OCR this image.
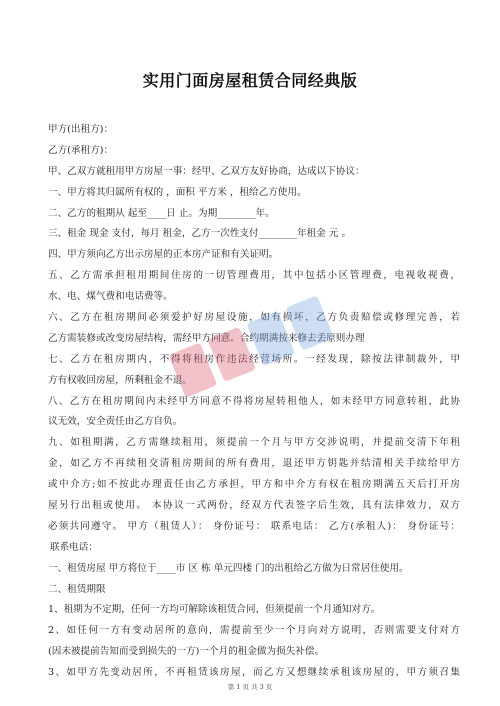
实用门面房屋租赁合同经典版
甲方(出租方)：
乙方(承租方)：
甲、乙双方就租用甲方房屋一事：经甲、乙双方友好协商，达成以下协议：
一、甲方将其归属所有权的 ，面积 平方米 ，租给乙方使用。
二、乙方的租期从 起至____日 止。为期________年。
三、租金 现金 支付，每月 租金，乙方一次性支付________年租金 元 。
四、甲方须向乙方出示房屋的正本房产证和有关证明。
五、乙方需承担租用期间住房的一切管理费用，其中包括小区管理费，电视收视费，
水、电、煤气费和电话费等。
六、乙方在租房期间必须爱护好房屋设施，如有损坏，乙方负责赔偿或修理完善，若
乙方需装修或改变房屋结构，需经甲方同意。合约期满按来修去丢原则办理
七、乙方在租房期内，不得将租房作违法经营场所。一经发现，除按法律制裁外，甲
方有权收回房屋，所剩租金不退。
八、乙方在租房期间内未经甲方同意不得将房屋转租他人，如未经甲方同意转租，此协
议无效，安全责任由乙方自负。
九、如租期满，乙方需继续租用，须提前一个月与甲方交涉说明，并提前交清下年租
金，如乙方不再续租交清租房期间的所有费用，退还甲方钥匙并结清相关手续给甲方
或中介方;如不按此办理责任由乙方承担，甲方和中介方有权在租房期满五天后打开房
屋另行出租或使用。 本协议一式两份，经双方代表签字后生效，具有法律效力，双方
必须共同遵守。 甲方（租赁人）： 身份证号： 联系电话： 乙方(承租人)： 身份证号：
联系电话：
一、租赁房屋 甲方将位于____市 区 栋 单元四楼 门的出租给乙方做为日常居住使用。
二、租赁期限
1、租期为不定期，任何一方均可解除该租赁合同，但须提前一个月通知对方。
2、如任何一方有变动居所的意向，需提前至少一个月向对方说明，否则需要支付对方
(因未被提前告知而受到损失的一方)一个月的租金做为损失补偿。
3、如甲方先变动居所，不再租赁该房屋，而乙方又想继续承租该房屋的，甲方须召集
第 1 页 共 3 页
